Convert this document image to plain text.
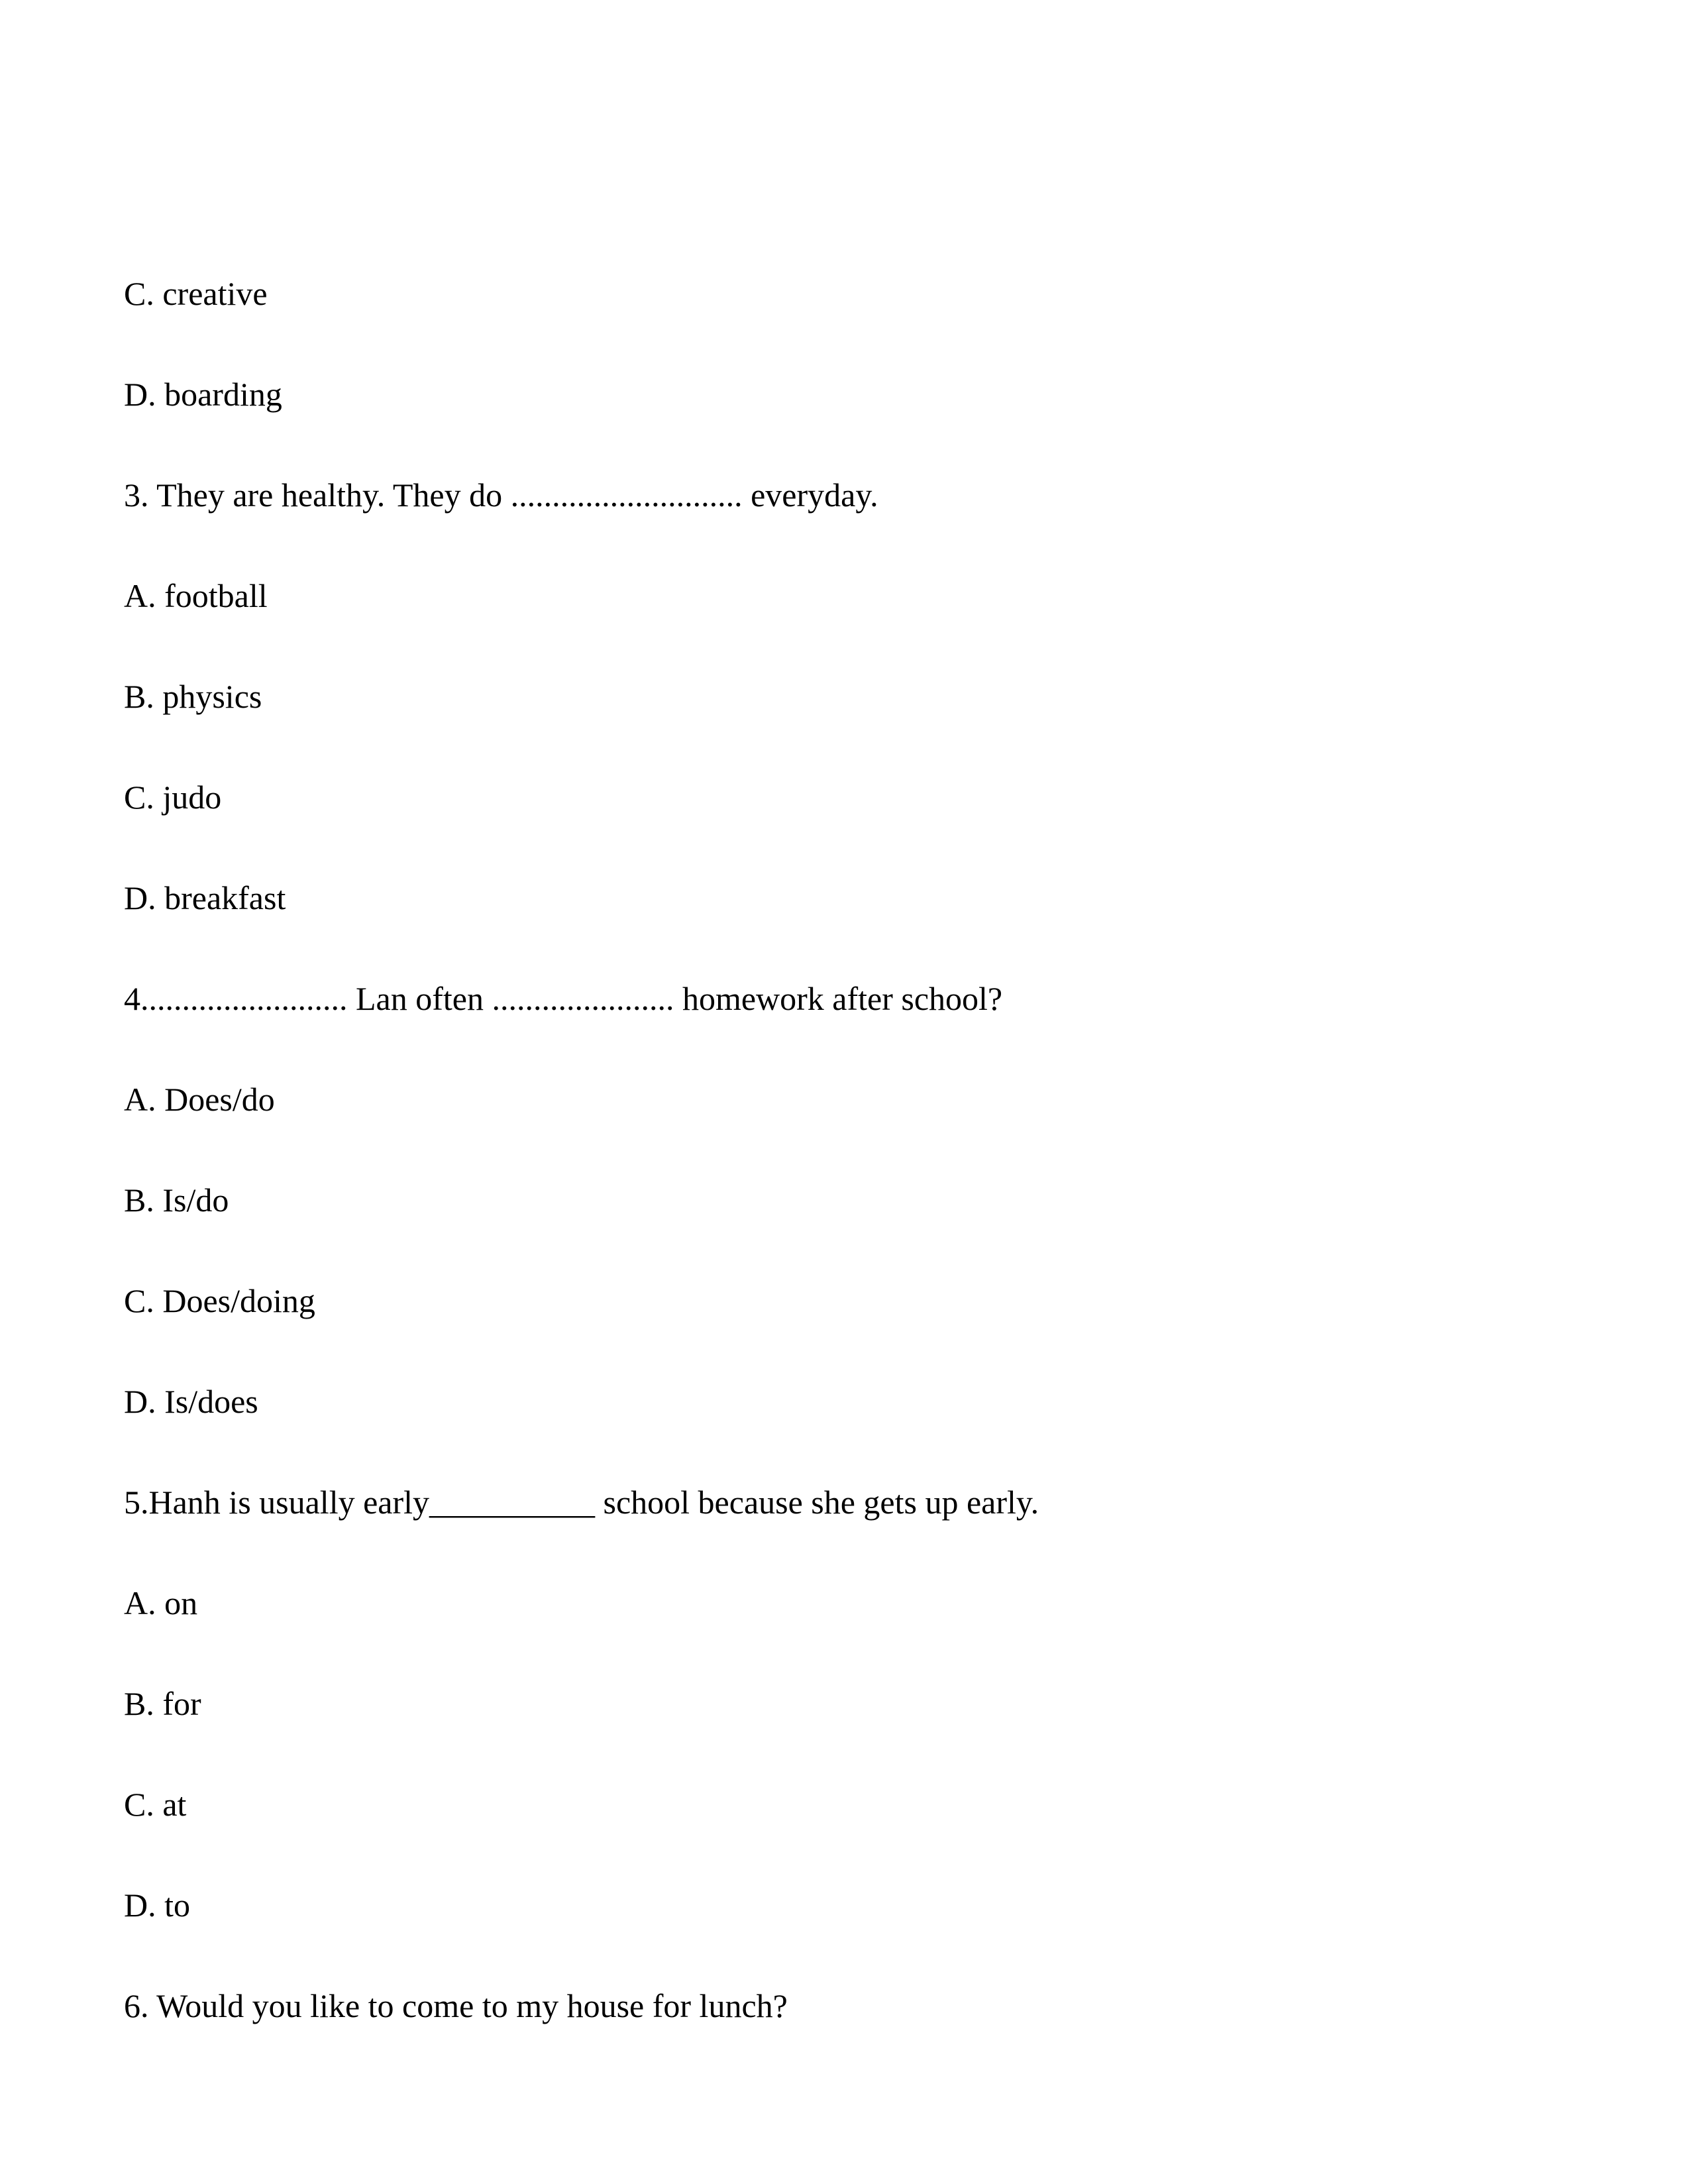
C. creative

D. boarding

3. They are healthy. They do ............................ everyday.

A. football

B. physics

C. judo

D. breakfast

4......................... Lan often ...................... homework after school?

A. Does/do

B. Is/do

C. Does/doing

D. Is/does

5.Hanh is usually early__________ school because she gets up early.

A. on

B. for

C. at

D. to

6. Would you like to come to my house for lunch?
